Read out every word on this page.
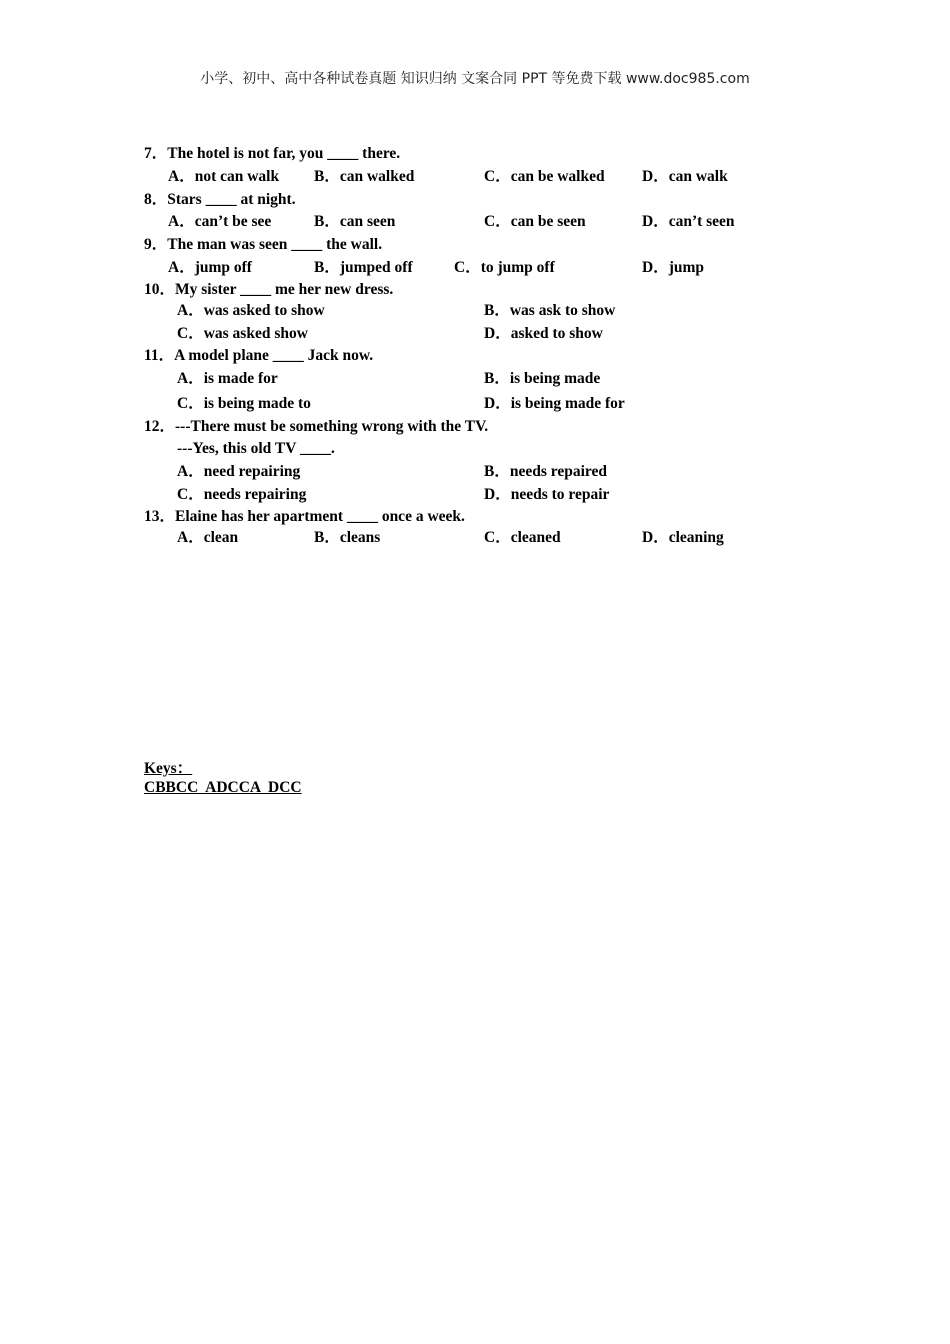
小学、初中、高中各种试卷真题 知识归纳 文案合同 PPT 等免费下载 www.doc985.com
7．The hotel is not far, you ____ there.
A．not can walk B．can walked	C．can be walked D．can walk
8．Stars ____ at night.
A．can’t be see	B．can seen	C．can be seen	D．can’t seen
9．The man was seen ____ the wall.
A．jump off	B．jumped off	C．to jump off	D．jump
10．My sister ____ me her new dress.
A．was asked to show	B．was ask to show
C．was asked show	D．asked to show
11．A model plane ____ Jack now.
A．is made for	B．is being made
C．is being made to	D．is being made for
12．---There must be something wrong with the TV.
---Yes, this old TV ____.
A．need repairing	B．needs repaired
C．needs repairing	D．needs to repair
13．Elaine has her apartment ____ once a week.
A．clean	B．cleans	C．cleaned	D．cleaning
Keys：
CBBCC  ADCCA  DCC
